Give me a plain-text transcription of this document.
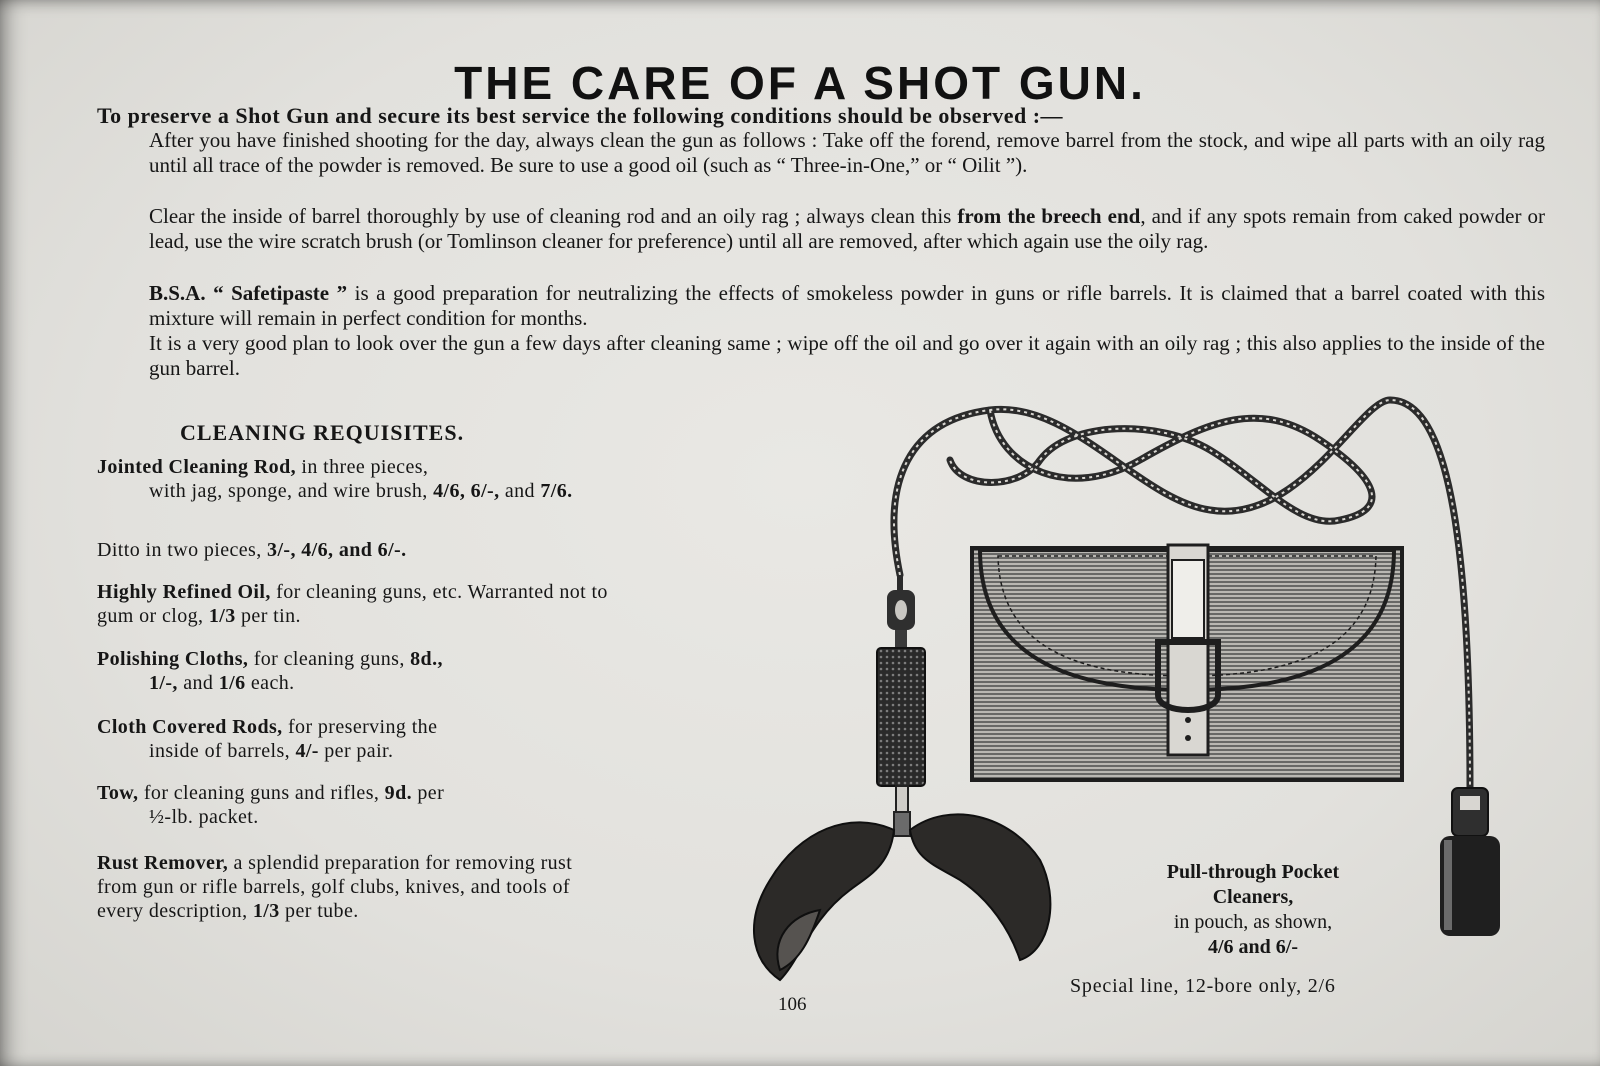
THE CARE OF A SHOT GUN.
To preserve a Shot Gun and secure its best service the following conditions should be observed :—
After you have finished shooting for the day, always clean the gun as follows : Take off the forend, remove barrel from the stock, and wipe all parts with an oily rag until all trace of the powder is removed. Be sure to use a good oil (such as “ Three-in-One,” or “ Oilit ”).
Clear the inside of barrel thoroughly by use of cleaning rod and an oily rag ; always clean this from the breech end, and if any spots remain from caked powder or lead, use the wire scratch brush (or Tomlinson cleaner for preference) until all are removed, after which again use the oily rag.
B.S.A. “ Safetipaste ” is a good preparation for neutralizing the effects of smokeless powder in guns or rifle barrels. It is claimed that a barrel coated with this mixture will remain in perfect condition for months.
It is a very good plan to look over the gun a few days after cleaning same ; wipe off the oil and go over it again with an oily rag ; this also applies to the inside of the gun barrel.
CLEANING REQUISITES.
Jointed Cleaning Rod, in three pieces,
with jag, sponge, and wire brush, 4/6, 6/-, and 7/6.
Ditto in two pieces, 3/-, 4/6, and 6/-.
Highly Refined Oil, for cleaning guns, etc. Warranted not to gum or clog, 1/3 per tin.
Polishing Cloths, for cleaning guns, 8d.,
1/-, and 1/6 each.
Cloth Covered Rods, for preserving the
inside of barrels, 4/- per pair.
Tow, for cleaning guns and rifles, 9d. per
½-lb. packet.
Rust Remover, a splendid preparation for removing rust from gun or rifle barrels, golf clubs, knives, and tools of every description, 1/3 per tube.
Pull-through Pocket
Cleaners,
in pouch, as shown,
4/6 and 6/-
Special line, 12-bore only, 2/6
106
